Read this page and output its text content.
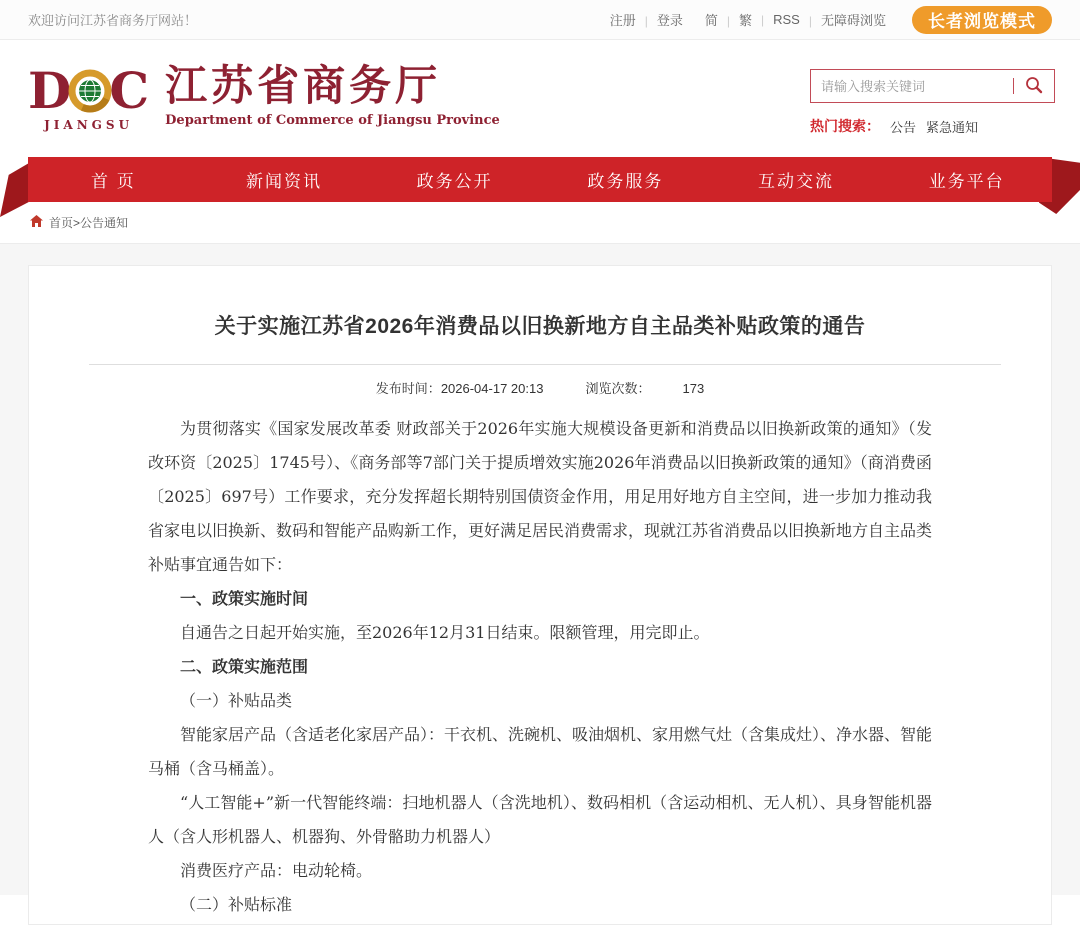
欢迎访问江苏省商务厅网站！	注册	| 登录 简	| 繁	| RSS	| 无障碍浏览	长者浏览模式
D C
JIANGSU
江苏省商务厅
Department of Commerce of Jiangsu Province
请输入搜索关键词	热门搜索： 公告 紧急通知
首 页	新闻资讯	政务公开	政务服务	互动交流	业务平台
首页>公告通知
关于实施江苏省2026年消费品以旧换新地方自主品类补贴政策的通告
发布时间：2026-04-17 20:13	浏览次数： 173

为贯彻落实《国家发展改革委 财政部关于2026年实施大规模设备更新和消费品以旧换新政策的通知》（发改环资〔2025〕1745号）、《商务部等7部门关于提质增效实施2026年消费品以旧换新政策的通知》（商消费函〔2025〕697号）工作要求，充分发挥超长期特别国债资金作用，用足用好地方自主空间，进一步加力推动我省家电以旧换新、数码和智能产品购新工作，更好满足居民消费需求，现就江苏省消费品以旧换新地方自主品类补贴事宜通告如下：

一、政策实施时间

自通告之日起开始实施，至2026年12月31日结束。限额管理，用完即止。

二、政策实施范围

（一）补贴品类

智能家居产品（含适老化家居产品）：干衣机、洗碗机、吸油烟机、家用燃气灶（含集成灶）、净水器、智能马桶（含马桶盖）。

“人工智能+”新一代智能终端：扫地机器人（含洗地机）、数码相机（含运动相机、无人机）、具身智能机器人（含人形机器人、机器狗、外骨骼助力机器人）

消费医疗产品：电动轮椅。

（二）补贴标准
